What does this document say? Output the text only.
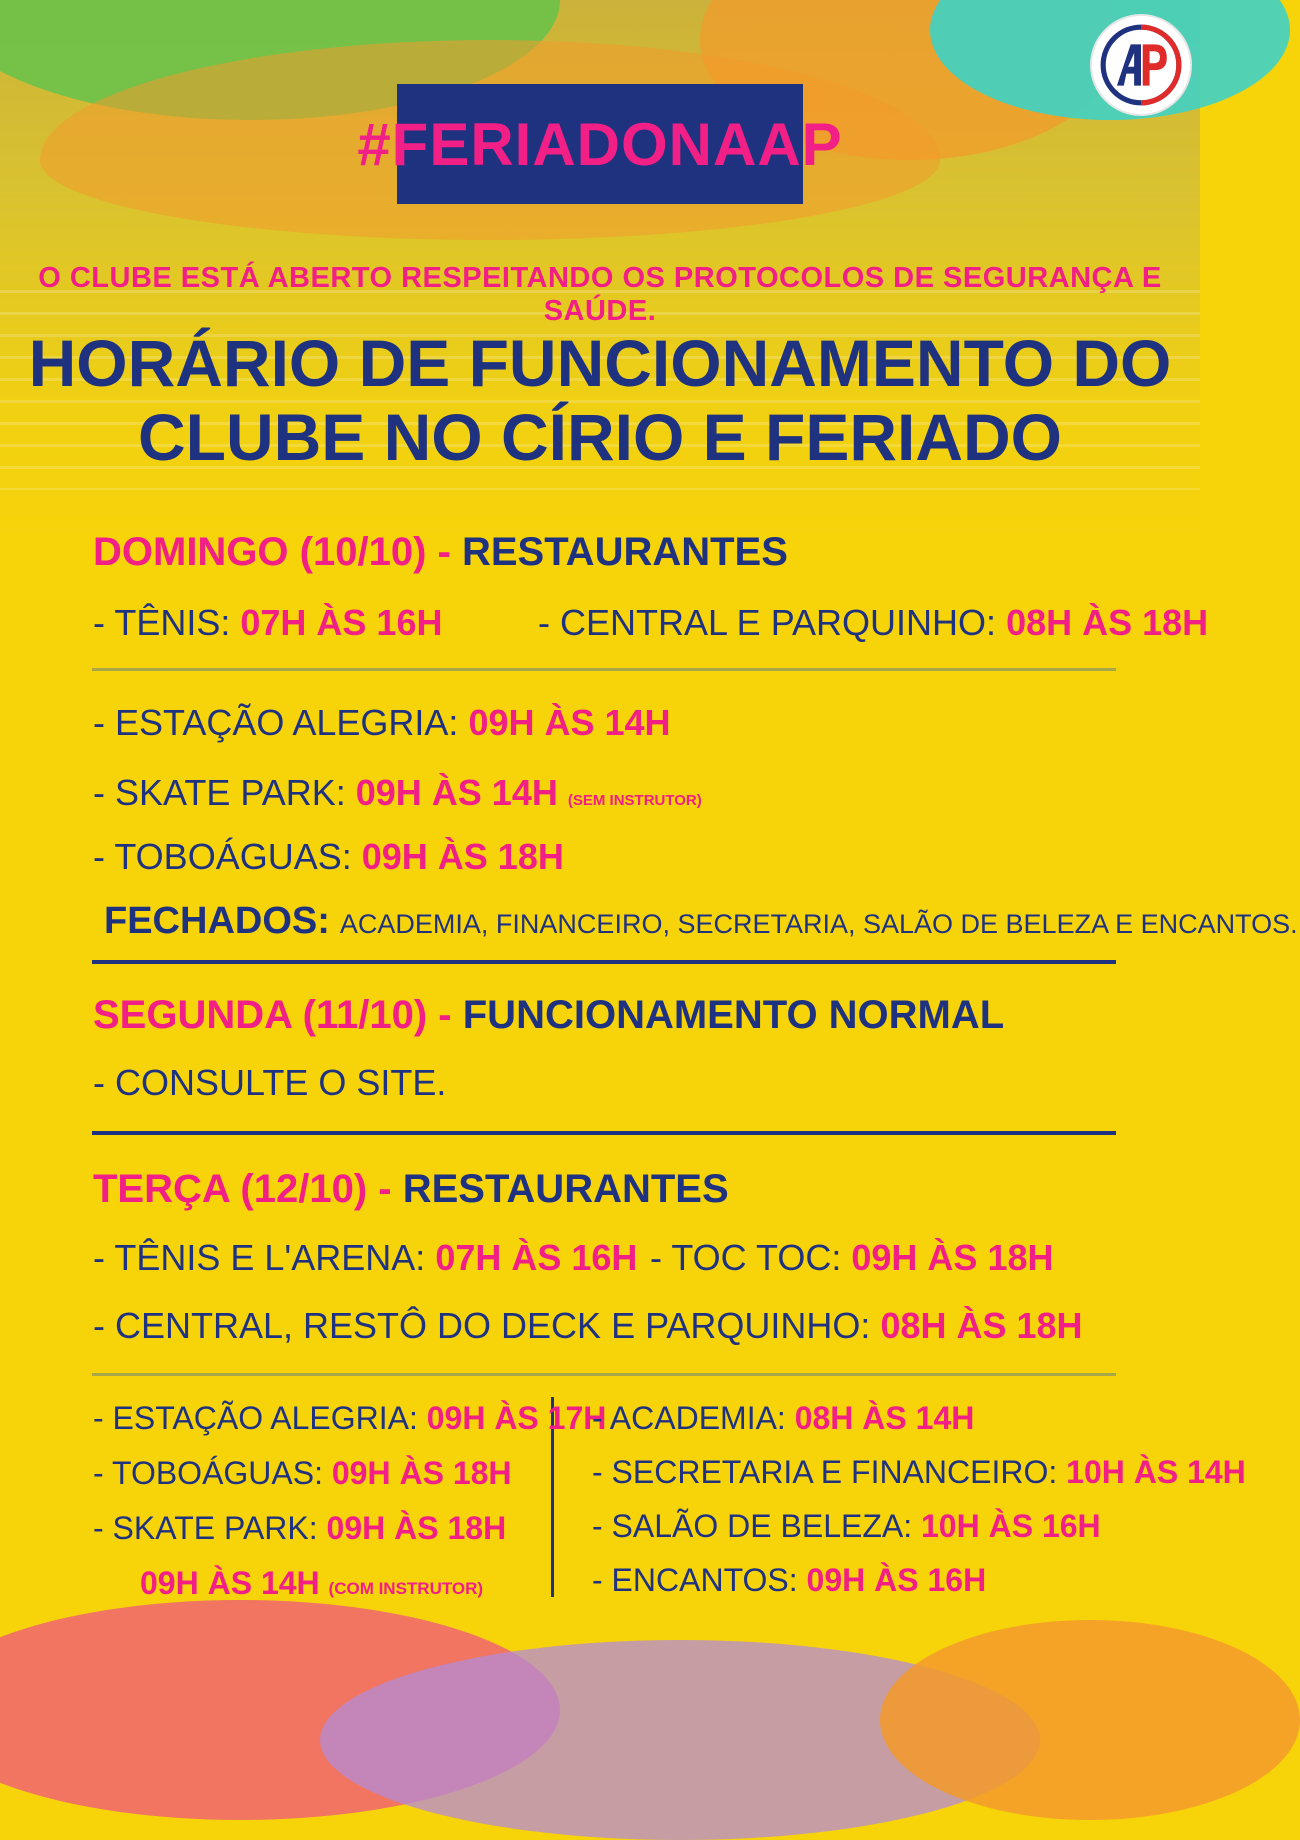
#FERIADONAAP
O CLUBE ESTÁ ABERTO RESPEITANDO OS PROTOCOLOS DE SEGURANÇA E SAÚDE.
HORÁRIO DE FUNCIONAMENTO DO
CLUBE NO CÍRIO E FERIADO
DOMINGO (10/10) - RESTAURANTES
- TÊNIS: 07H ÀS 16H	- CENTRAL E PARQUINHO: 08H ÀS 18H
- ESTAÇÃO ALEGRIA: 09H ÀS 14H
- SKATE PARK: 09H ÀS 14H (SEM INSTRUTOR)
- TOBOÁGUAS: 09H ÀS 18H
FECHADOS: ACADEMIA, FINANCEIRO, SECRETARIA, SALÃO DE BELEZA E ENCANTOS.
SEGUNDA (11/10) - FUNCIONAMENTO NORMAL
- CONSULTE O SITE.
TERÇA (12/10) - RESTAURANTES
- TÊNIS E L'ARENA: 07H ÀS 16H - TOC TOC: 09H ÀS 18H
- CENTRAL, RESTÔ DO DECK E PARQUINHO: 08H ÀS 18H
- ESTAÇÃO ALEGRIA: 09H ÀS 17H
- TOBOÁGUAS: 09H ÀS 18H
- SKATE PARK: 09H ÀS 18H
09H ÀS 14H (COM INSTRUTOR)
- ACADEMIA: 08H ÀS 14H
- SECRETARIA E FINANCEIRO: 10H ÀS 14H
- SALÃO DE BELEZA: 10H ÀS 16H
- ENCANTOS: 09H ÀS 16H
